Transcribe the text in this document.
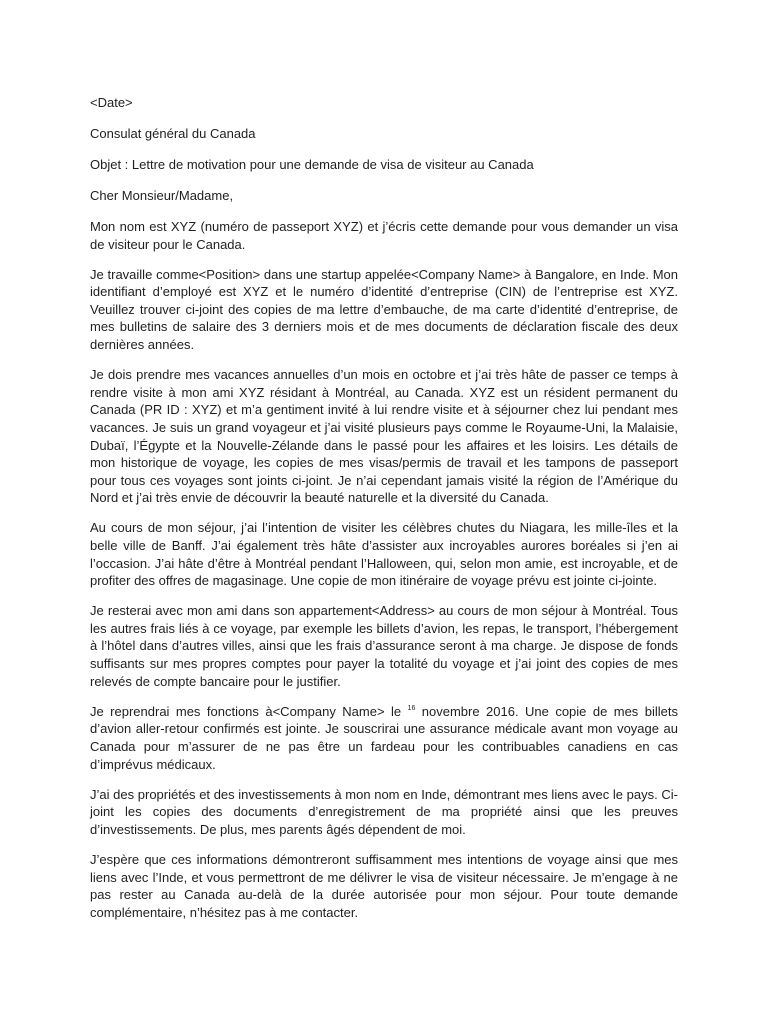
<Date>
Consulat général du Canada
Objet : Lettre de motivation pour une demande de visa de visiteur au Canada
Cher Monsieur/Madame,

Mon nom est XYZ (numéro de passeport XYZ) et j’écris cette demande pour vous demander un visa de visiteur pour le Canada.

Je travaille comme<Position> dans une startup appelée<Company Name> à Bangalore, en Inde. Mon identifiant d’employé est XYZ et le numéro d’identité d’entreprise (CIN) de l’entreprise est XYZ. Veuillez trouver ci-joint des copies de ma lettre d’embauche, de ma carte d’identité d’entreprise, de mes bulletins de salaire des 3 derniers mois et de mes documents de déclaration fiscale des deux dernières années.

Je dois prendre mes vacances annuelles d’un mois en octobre et j’ai très hâte de passer ce temps à rendre visite à mon ami XYZ résidant à Montréal, au Canada. XYZ est un résident permanent du Canada (PR ID : XYZ) et m’a gentiment invité à lui rendre visite et à séjourner chez lui pendant mes vacances. Je suis un grand voyageur et j’ai visité plusieurs pays comme le Royaume-Uni, la Malaisie, Dubaï, l’Égypte et la Nouvelle-Zélande dans le passé pour les affaires et les loisirs. Les détails de mon historique de voyage, les copies de mes visas/permis de travail et les tampons de passeport pour tous ces voyages sont joints ci-joint. Je n’ai cependant jamais visité la région de l’Amérique du Nord et j’ai très envie de découvrir la beauté naturelle et la diversité du Canada.

Au cours de mon séjour, j’ai l’intention de visiter les célèbres chutes du Niagara, les mille-îles et la belle ville de Banff. J’ai également très hâte d’assister aux incroyables aurores boréales si j’en ai l’occasion. J’ai hâte d’être à Montréal pendant l’Halloween, qui, selon mon amie, est incroyable, et de profiter des offres de magasinage. Une copie de mon itinéraire de voyage prévu est jointe ci-jointe.

Je resterai avec mon ami dans son appartement<Address> au cours de mon séjour à Montréal. Tous les autres frais liés à ce voyage, par exemple les billets d’avion, les repas, le transport, l’hébergement à l’hôtel dans d’autres villes, ainsi que les frais d’assurance seront à ma charge. Je dispose de fonds suffisants sur mes propres comptes pour payer la totalité du voyage et j’ai joint des copies de mes relevés de compte bancaire pour le justifier.

Je reprendrai mes fonctions à<Company Name> le $^{16}$ novembre 2016. Une copie de mes billets d’avion aller-retour confirmés est jointe. Je souscrirai une assurance médicale avant mon voyage au Canada pour m’assurer de ne pas être un fardeau pour les contribuables canadiens en cas d’imprévus médicaux.

J’ai des propriétés et des investissements à mon nom en Inde, démontrant mes liens avec le pays. Ci-joint les copies des documents d’enregistrement de ma propriété ainsi que les preuves d’investissements. De plus, mes parents âgés dépendent de moi.

J’espère que ces informations démontreront suffisamment mes intentions de voyage ainsi que mes liens avec l’Inde, et vous permettront de me délivrer le visa de visiteur nécessaire. Je m’engage à ne pas rester au Canada au-delà de la durée autorisée pour mon séjour. Pour toute demande complémentaire, n’hésitez pas à me contacter.
